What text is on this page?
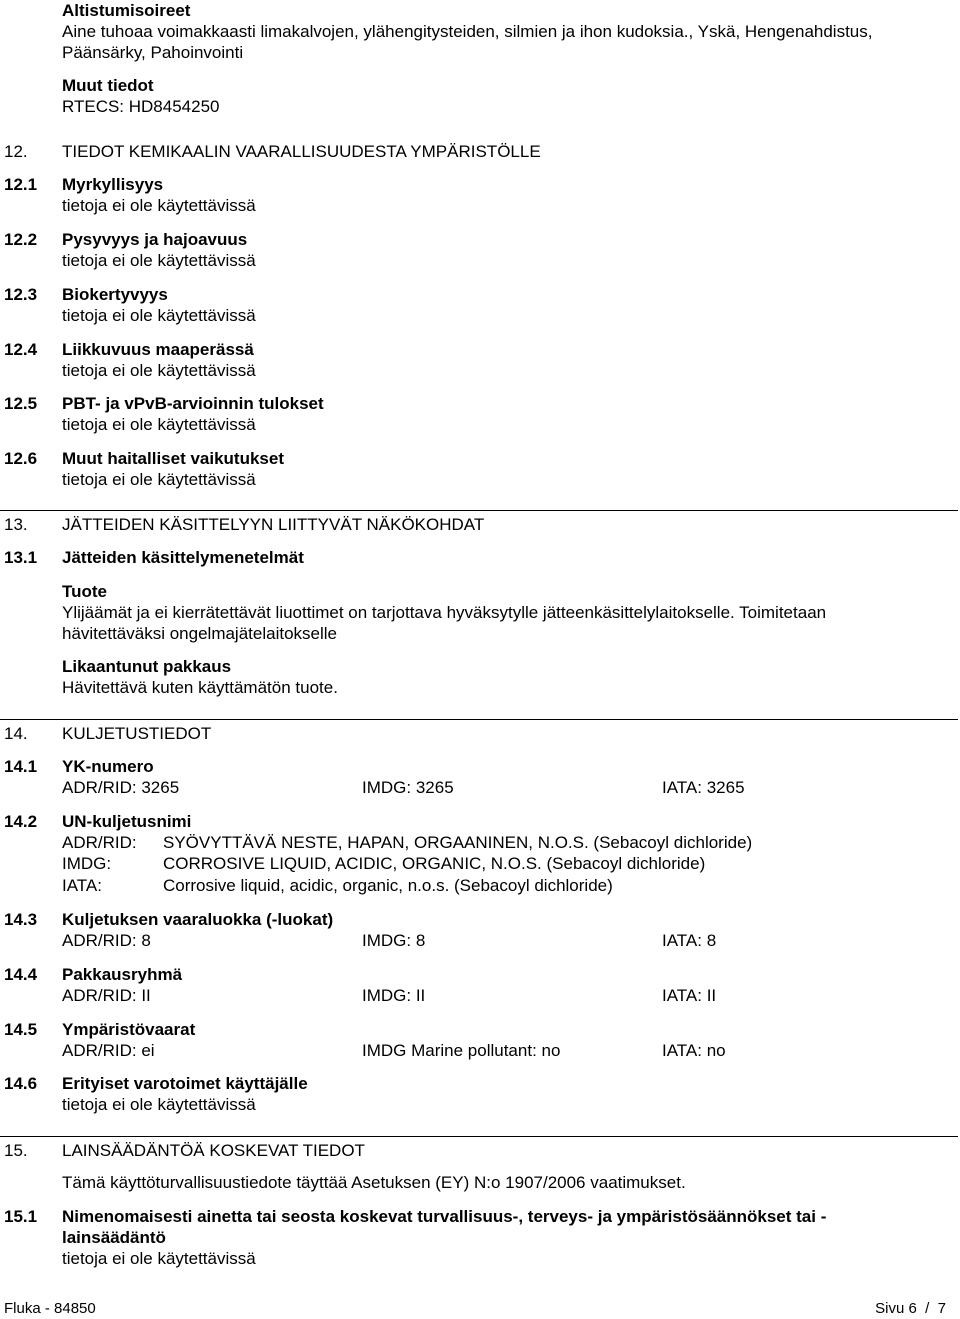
Altistumisoireet
Aine tuhoaa voimakkaasti limakalvojen, ylähengitysteiden, silmien ja ihon kudoksia., Yskä, Hengenahdistus,
Päänsärky, Pahoinvointi
Muut tiedot
RTECS: HD8454250
12. TIEDOT KEMIKAALIN VAARALLISUUDESTA YMPÄRISTÖLLE
12.1 Myrkyllisyys
tietoja ei ole käytettävissä
12.2 Pysyvyys ja hajoavuus
tietoja ei ole käytettävissä
12.3 Biokertyvyys
tietoja ei ole käytettävissä
12.4 Liikkuvuus maaperässä
tietoja ei ole käytettävissä
12.5 PBT- ja vPvB-arvioinnin tulokset
tietoja ei ole käytettävissä
12.6 Muut haitalliset vaikutukset
tietoja ei ole käytettävissä
13. JÄTTEIDEN KÄSITTELYYN LIITTYVÄT NÄKÖKOHDAT
13.1 Jätteiden käsittelymenetelmät
Tuote
Ylijäämät ja ei kierrätettävät liuottimet on tarjottava hyväksytylle jätteenkäsittelylaitokselle. Toimitetaan
hävitettäväksi ongelmajätelaitokselle
Likaantunut pakkaus
Hävitettävä kuten käyttämätön tuote.
14. KULJETUSTIEDOT
14.1 YK-numero
ADR/RID: 3265	IMDG: 3265	IATA: 3265
14.2 UN-kuljetusnimi
ADR/RID: SYÖVYTTÄVÄ NESTE, HAPAN, ORGAANINEN, N.O.S. (Sebacoyl dichloride)
IMDG:	CORROSIVE LIQUID, ACIDIC, ORGANIC, N.O.S. (Sebacoyl dichloride)
IATA:	Corrosive liquid, acidic, organic, n.o.s. (Sebacoyl dichloride)
14.3 Kuljetuksen vaaraluokka (-luokat)
ADR/RID: 8	IMDG: 8	IATA: 8
14.4 Pakkausryhmä
ADR/RID: II	IMDG: II	IATA: II
14.5 Ympäristövaarat
ADR/RID: ei	IMDG Marine pollutant: no	IATA: no
14.6 Erityiset varotoimet käyttäjälle
tietoja ei ole käytettävissä
15. LAINSÄÄDÄNTÖÄ KOSKEVAT TIEDOT
Tämä käyttöturvallisuustiedote täyttää Asetuksen (EY) N:o 1907/2006 vaatimukset.
15.1 Nimenomaisesti ainetta tai seosta koskevat turvallisuus-, terveys- ja ympäristösäännökset tai -
lainsäädäntö
tietoja ei ole käytettävissä
Fluka - 84850	Sivu 6  /  7
